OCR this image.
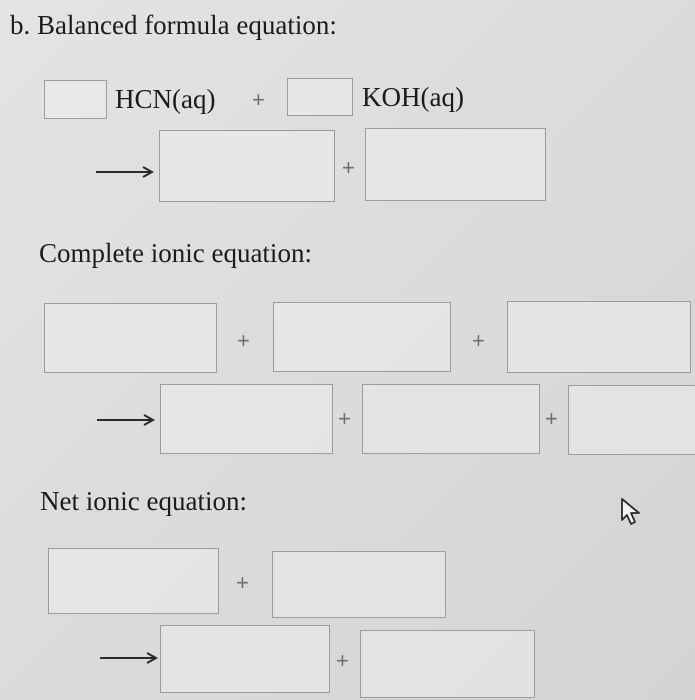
b. Balanced formula equation:
HCN(aq) +	KOH(aq)
+
Complete ionic equation:
+	+
+	+
Net ionic equation:
+
+
